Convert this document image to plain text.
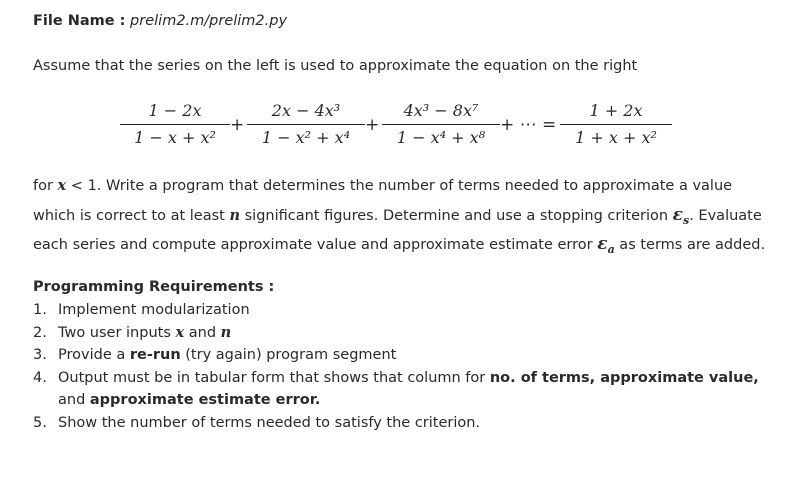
File Name : prelim2.m/prelim2.py
Assume that the series on the left is used to approximate the equation on the right
1 − 2x
1 − x + x²
+
2x − 4x³
1 − x² + x⁴
+
4x³ − 8x⁷
1 − x⁴ + x⁸
+ ⋯ =
1 + 2x
1 + x + x²
for x < 1. Write a program that determines the number of terms needed to approximate a value
which is correct to at least n significant figures. Determine and use a stopping criterion $\varepsilon_s$. Evaluate
each series and compute approximate value and approximate estimate error $\varepsilon_a$ as terms are added.
Programming Requirements :
1. Implement modularization
2. Two user inputs x and n
3. Provide a re-run (try again) program segment
4. Output must be in tabular form that shows that column for no. of terms, approximate value,
and approximate estimate error.
5. Show the number of terms needed to satisfy the criterion.
